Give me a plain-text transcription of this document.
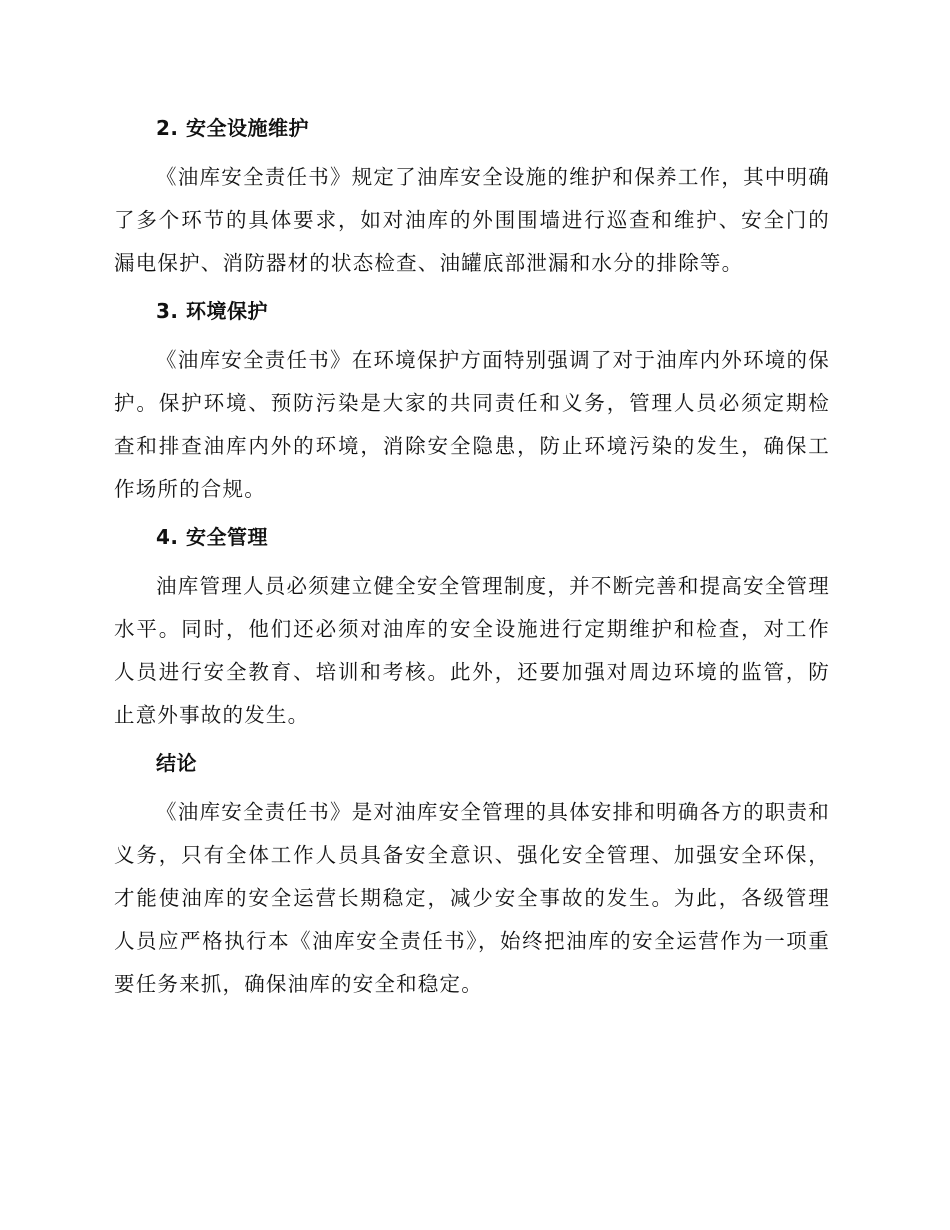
2. 安全设施维护

《油库安全责任书》规定了油库安全设施的维护和保养工作，其中明确了多个环节的具体要求，如对油库的外围围墙进行巡查和维护、安全门的漏电保护、消防器材的状态检查、油罐底部泄漏和水分的排除等。

3. 环境保护

《油库安全责任书》在环境保护方面特别强调了对于油库内外环境的保护。保护环境、预防污染是大家的共同责任和义务，管理人员必须定期检查和排查油库内外的环境，消除安全隐患，防止环境污染的发生，确保工作场所的合规。

4. 安全管理

油库管理人员必须建立健全安全管理制度，并不断完善和提高安全管理水平。同时，他们还必须对油库的安全设施进行定期维护和检查，对工作人员进行安全教育、培训和考核。此外，还要加强对周边环境的监管，防止意外事故的发生。

结论

《油库安全责任书》是对油库安全管理的具体安排和明确各方的职责和义务，只有全体工作人员具备安全意识、强化安全管理、加强安全环保，才能使油库的安全运营长期稳定，减少安全事故的发生。为此，各级管理人员应严格执行本《油库安全责任书》，始终把油库的安全运营作为一项重要任务来抓，确保油库的安全和稳定。
